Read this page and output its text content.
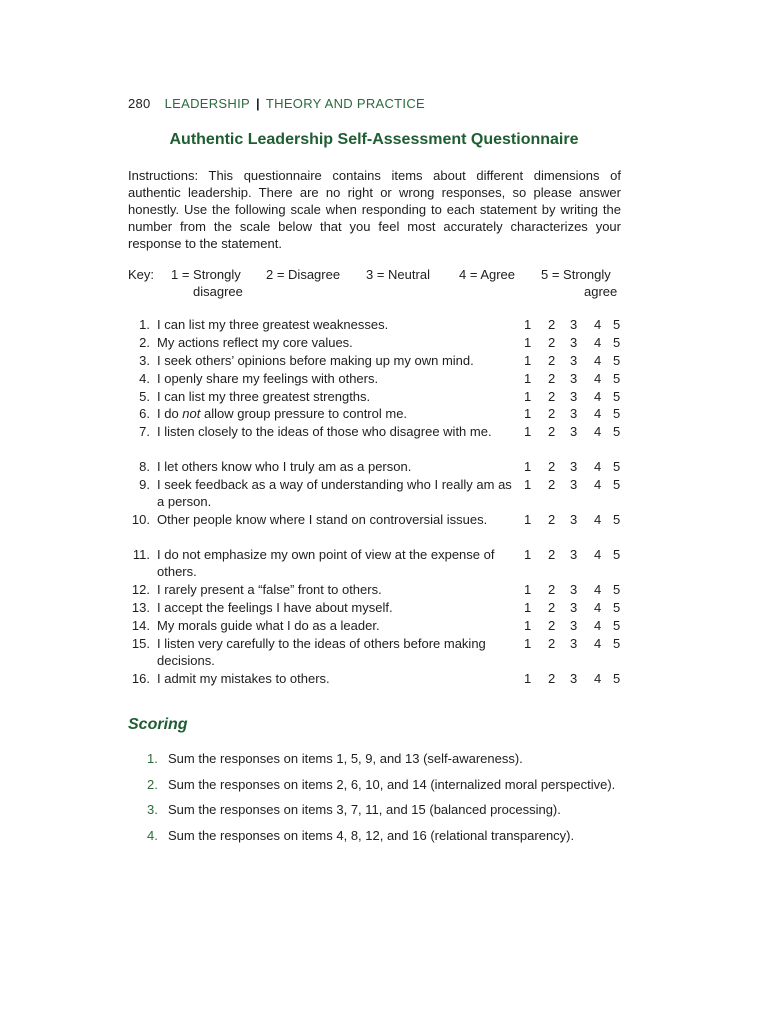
280 LEADERSHIP | THEORY AND PRACTICE
Authentic Leadership Self-Assessment Questionnaire

Instructions: This questionnaire contains items about different dimensions of authentic leadership. There are no right or wrong responses, so please answer honestly. Use the following scale when responding to each statement by writing the number from the scale below that you feel most accurately characterizes your response to the statement.

Key: 1 = Strongly
disagree
2 = Disagree 3 = Neutral 4 = Agree 5 = Strongly
agree
1. I can list my three greatest weaknesses.	1 2 3 4 5
2. My actions reflect my core values.	1 2 3 4 5
3. I seek others’ opinions before making up my own mind.	1 2 3 4 5
4. I openly share my feelings with others.	1 2 3 4 5
5. I can list my three greatest strengths.	1 2 3 4 5
6. I do not allow group pressure to control me.	1 2 3 4 5
7. I listen closely to the ideas of those who disagree with me.	1 2 3 4 5
8. I let others know who I truly am as a person.	1 2 3 4 5
9. I seek feedback as a way of understanding who I really am as a person.
1 2 3 4 5
10. Other people know where I stand on controversial issues.	1 2 3 4 5
11. I do not emphasize my own point of view at the expense of others.
1 2 3 4 5
12. I rarely present a “false” front to others.	1 2 3 4 5
13. I accept the feelings I have about myself.	1 2 3 4 5
14. My morals guide what I do as a leader.	1 2 3 4 5
15. I listen very carefully to the ideas of others before making decisions.
1 2 3 4 5
16. I admit my mistakes to others.	1 2 3 4 5
Scoring
1. Sum the responses on items 1, 5, 9, and 13 (self-awareness).
2. Sum the responses on items 2, 6, 10, and 14 (internalized moral perspective).
3. Sum the responses on items 3, 7, 11, and 15 (balanced processing).
4. Sum the responses on items 4, 8, 12, and 16 (relational transparency).
